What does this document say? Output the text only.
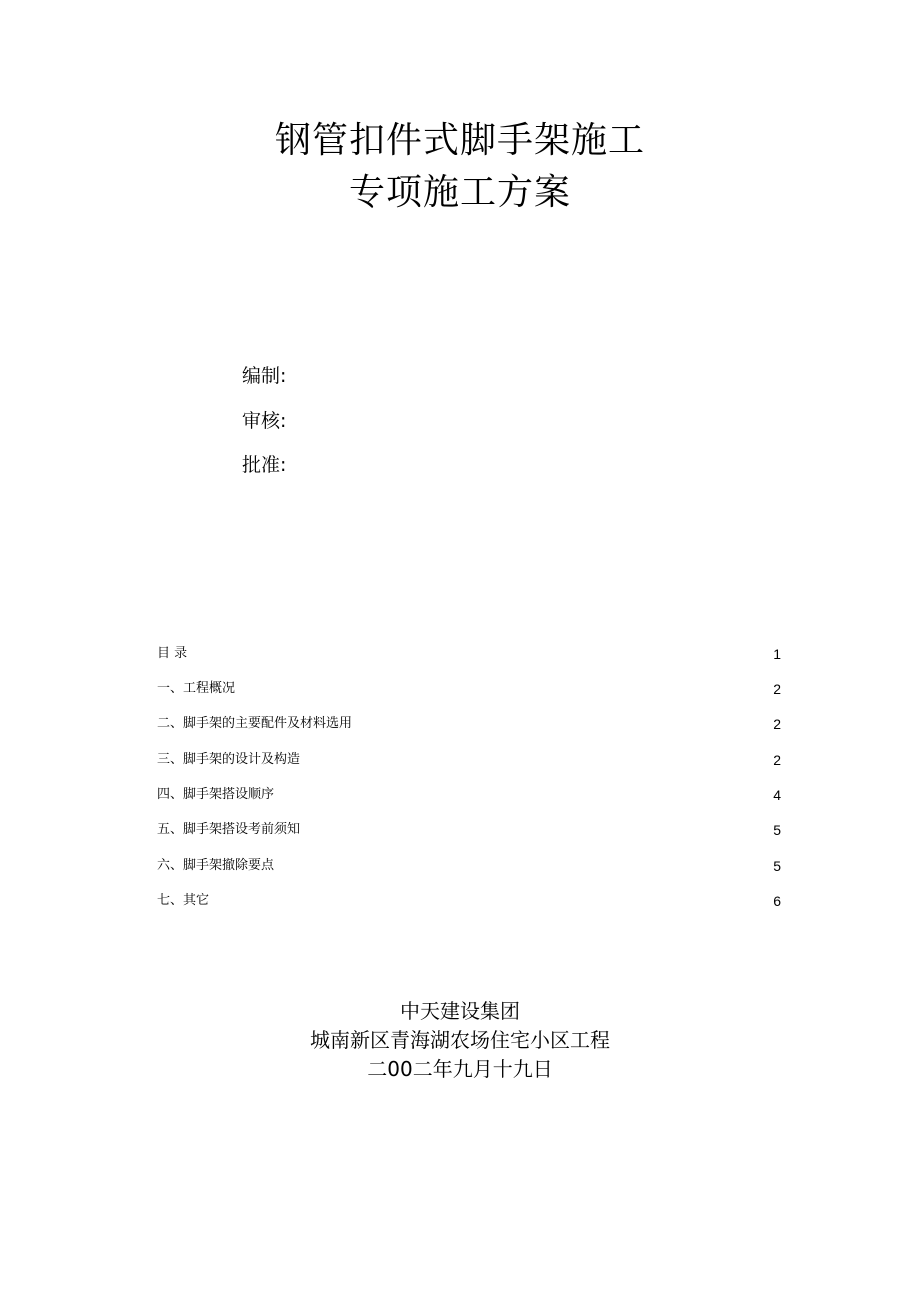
钢管扣件式脚手架施工
专项施工方案
编制:
审核:
批准:
目 录	1
一、工程概况	2
二、脚手架的主要配件及材料选用	2
三、脚手架的设计及构造	2
四、脚手架搭设顺序	4
五、脚手架搭设考前须知	5
六、脚手架撤除要点	5
七、其它	6
中天建设集团
城南新区青海湖农场住宅小区工程
二00二年九月十九日
